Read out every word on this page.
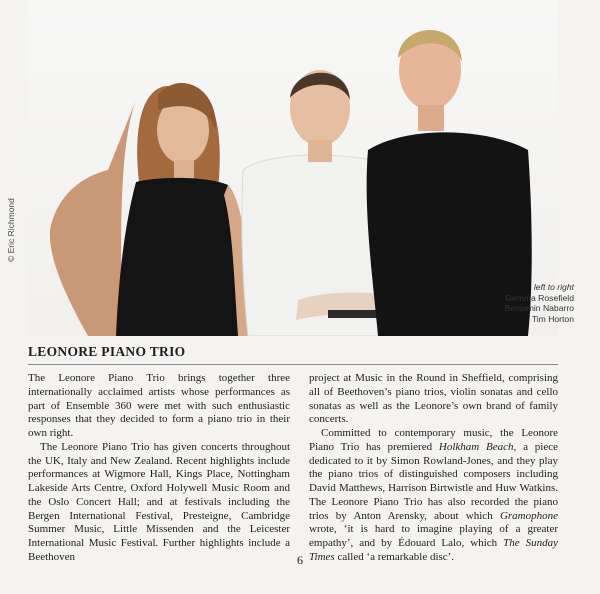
© Eric Richmond
left to right
Gemma Rosefield
Benjamin Nabarro
Tim Horton
LEONORE PIANO TRIO

The Leonore Piano Trio brings together three internationally acclaimed artists whose performances as part of Ensemble 360 were met with such enthusiastic responses that they decided to form a piano trio in their own right.

The Leonore Piano Trio has given concerts throughout the UK, Italy and New Zealand. Recent highlights include performances at Wigmore Hall, Kings Place, Nottingham Lakeside Arts Centre, Oxford Holywell Music Room and the Oslo Concert Hall; and at festivals including the Bergen International Festival, Presteigne, Cambridge Summer Music, Little Missenden and the Leicester International Music Festival. Further highlights include a Beethoven

project at Music in the Round in Sheffield, comprising all of Beethoven’s piano trios, violin sonatas and cello sonatas as well as the Leonore’s own brand of family concerts.

Committed to contemporary music, the Leonore Piano Trio has premiered Holkham Beach, a piece dedicated to it by Simon Rowland-Jones, and they play the piano trios of distinguished composers including David Matthews, Harrison Birtwistle and Huw Watkins. The Leonore Piano Trio has also recorded the piano trios by Anton Arensky, about which Gramophone wrote, ‘it is hard to imagine playing of a greater empathy’, and by Édouard Lalo, which The Sunday Times called ‘a remarkable disc’.

6
